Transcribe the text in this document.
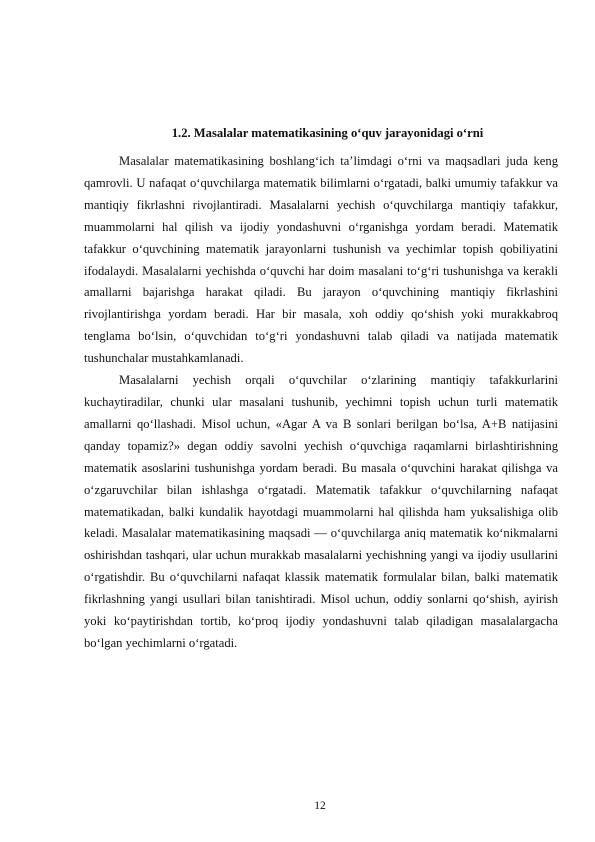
1.2. Masalalar matematikasining o‘quv jarayonidagi o‘rni

Masalalar matematikasining boshlang‘ich ta’limdagi o‘rni va maqsadlari juda keng qamrovli. U nafaqat o‘quvchilarga matematik bilimlarni o‘rgatadi, balki umumiy tafakkur va mantiqiy fikrlashni rivojlantiradi. Masalalarni yechish o‘quvchilarga mantiqiy tafakkur, muammolarni hal qilish va ijodiy yondashuvni o‘rganishga yordam beradi. Matematik tafakkur o‘quvchining matematik jarayonlarni tushunish va yechimlar topish qobiliyatini ifodalaydi. Masalalarni yechishda o‘quvchi har doim masalani to‘g‘ri tushunishga va kerakli amallarni bajarishga harakat qiladi. Bu jarayon o‘quvchining mantiqiy fikrlashini rivojlantirishga yordam beradi. Har bir masala, xoh oddiy qo‘shish yoki murakkabroq tenglama bo‘lsin, o‘quvchidan to‘g‘ri yondashuvni talab qiladi va natijada matematik tushunchalar mustahkamlanadi.

Masalalarni yechish orqali o‘quvchilar o‘zlarining mantiqiy tafakkurlarini kuchaytiradilar, chunki ular masalani tushunib, yechimni topish uchun turli matematik amallarni qo‘llashadi. Misol uchun, «Agar A va B sonlari berilgan bo‘lsa, A+B natijasini qanday topamiz?» degan oddiy savolni yechish o‘quvchiga raqamlarni birlashtirishning matematik asoslarini tushunishga yordam beradi. Bu masala o‘quvchini harakat qilishga va o‘zgaruvchilar bilan ishlashga o‘rgatadi. Matematik tafakkur o‘quvchilarning nafaqat matematikadan, balki kundalik hayotdagi muammolarni hal qilishda ham yuksalishiga olib keladi. Masalalar matematikasining maqsadi — o‘quvchilarga aniq matematik ko‘nikmalarni oshirishdan tashqari, ular uchun murakkab masalalarni yechishning yangi va ijodiy usullarini o‘rgatishdir. Bu o‘quvchilarni nafaqat klassik matematik formulalar bilan, balki matematik fikrlashning yangi usullari bilan tanishtiradi. Misol uchun, oddiy sonlarni qo‘shish, ayirish yoki ko‘paytirishdan tortib, ko‘proq ijodiy yondashuvni talab qiladigan masalalargacha bo‘lgan yechimlarni o‘rgatadi.

12
